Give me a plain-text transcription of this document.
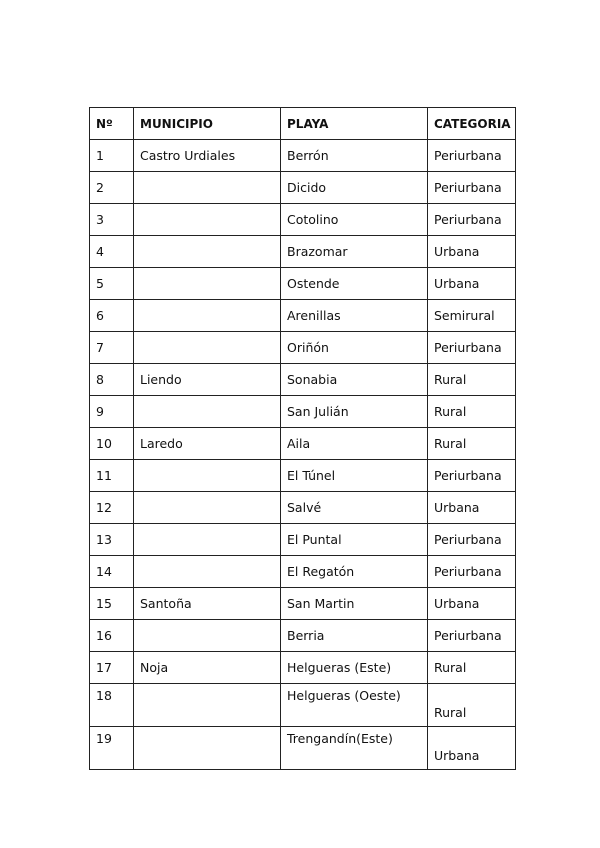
Nº	MUNICIPIO	PLAYA	CATEGORIA
1	Castro Urdiales	Berrón	Periurbana
2		Dicido	Periurbana
3		Cotolino	Periurbana
4		Brazomar	Urbana
5		Ostende	Urbana
6		Arenillas	Semirural
7		Oriñón	Periurbana
8	Liendo	Sonabia	Rural
9		San Julián	Rural
10	Laredo	Aila	Rural
11		El Túnel	Periurbana
12		Salvé	Urbana
13		El Puntal	Periurbana
14		El Regatón	Periurbana
15	Santoña	San Martin	Urbana
16		Berria	Periurbana
17	Noja	Helgueras (Este)	Rural
18		Helgueras (Oeste)	Rural
19		Trengandín(Este)	Urbana
